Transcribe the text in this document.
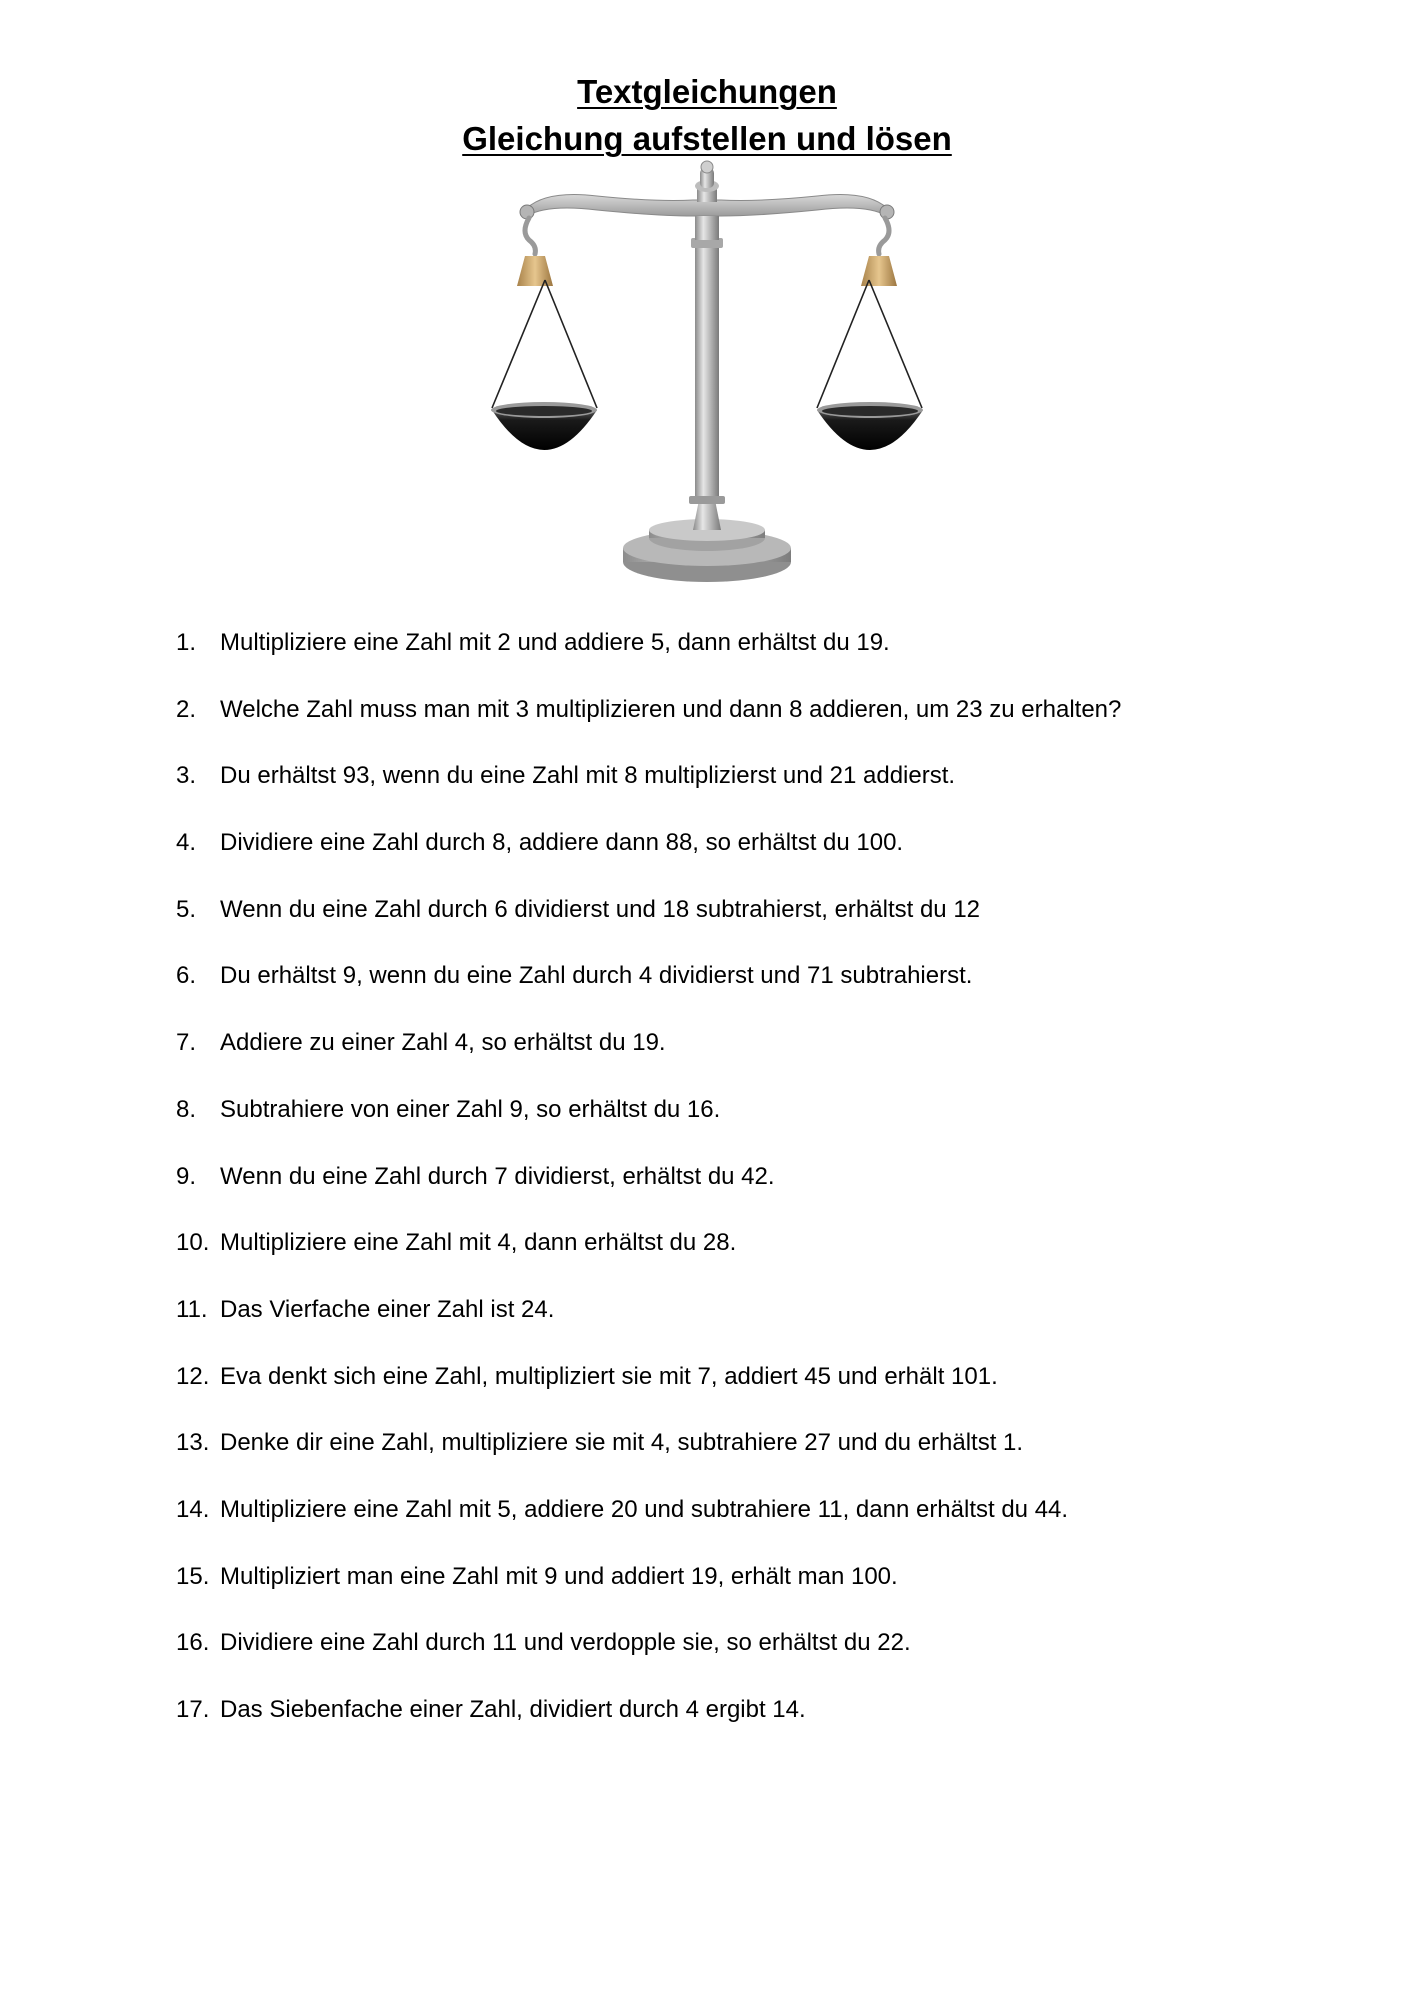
Textgleichungen
Gleichung aufstellen und lösen
1. Multipliziere eine Zahl mit 2 und addiere 5, dann erhältst du 19.
2. Welche Zahl muss man mit 3 multiplizieren und dann 8 addieren, um 23 zu erhalten?
3. Du erhältst 93, wenn du eine Zahl mit 8 multiplizierst und 21 addierst.
4. Dividiere eine Zahl durch 8, addiere dann 88, so erhältst du 100.
5. Wenn du eine Zahl durch 6 dividierst und 18 subtrahierst, erhältst du 12
6. Du erhältst 9, wenn du eine Zahl durch 4 dividierst und 71 subtrahierst.
7. Addiere zu einer Zahl 4, so erhältst du 19.
8. Subtrahiere von einer Zahl 9, so erhältst du 16.
9. Wenn du eine Zahl durch 7 dividierst, erhältst du 42.
10. Multipliziere eine Zahl mit 4, dann erhältst du 28.
11. Das Vierfache einer Zahl ist 24.
12. Eva denkt sich eine Zahl, multipliziert sie mit 7, addiert 45 und erhält 101.
13. Denke dir eine Zahl, multipliziere sie mit 4, subtrahiere 27 und du erhältst 1.
14. Multipliziere eine Zahl mit 5, addiere 20 und subtrahiere 11, dann erhältst du 44.
15. Multipliziert man eine Zahl mit 9 und addiert 19, erhält man 100.
16. Dividiere eine Zahl durch 11 und verdopple sie, so erhältst du 22.
17. Das Siebenfache einer Zahl, dividiert durch 4 ergibt 14.
